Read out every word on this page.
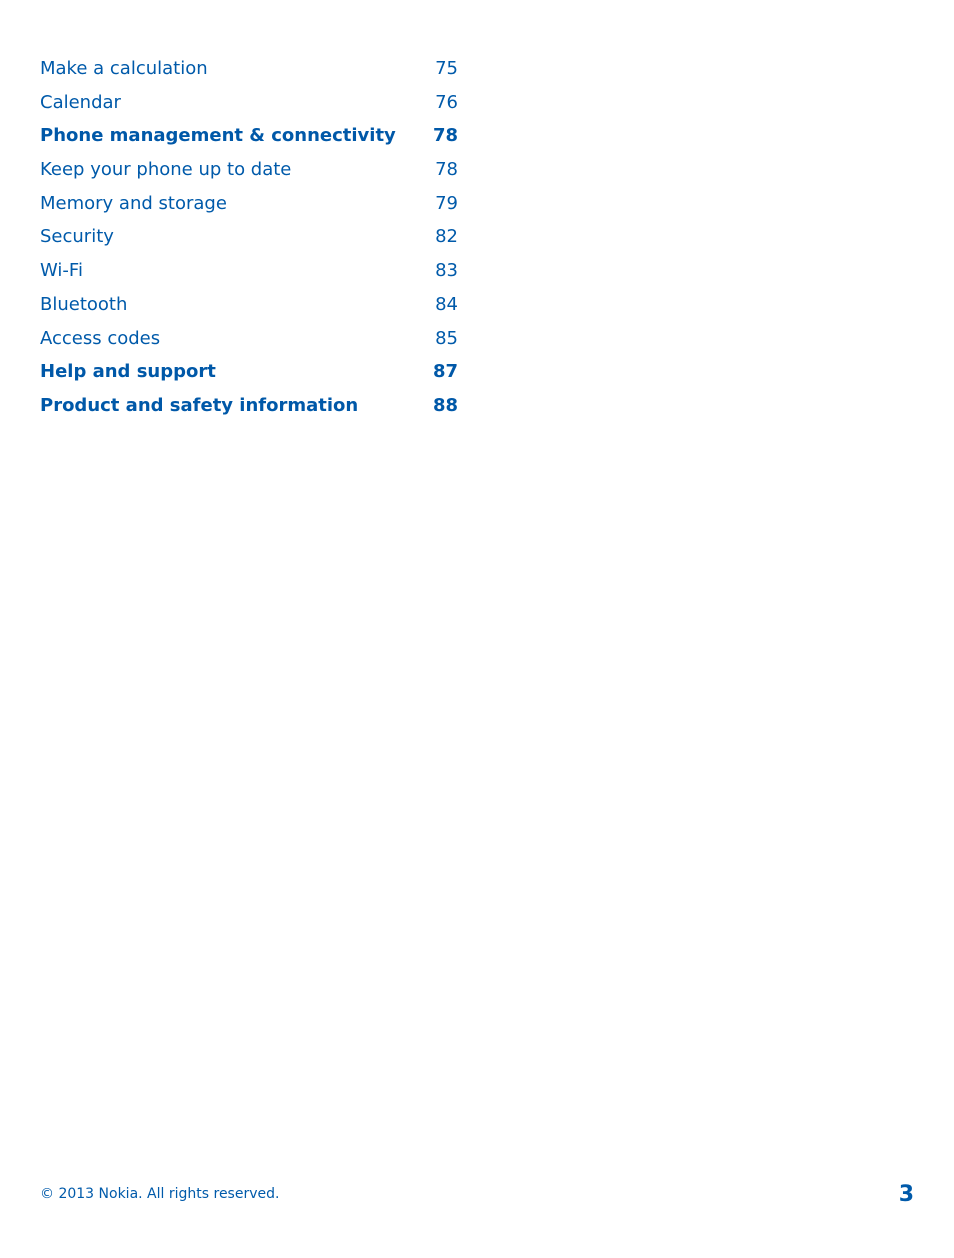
Make a calculation	75
Calendar	76
Phone management & connectivity 78
Keep your phone up to date	78
Memory and storage	79
Security	82
Wi-Fi	83
Bluetooth	84
Access codes	85
Help and support	87
Product and safety information	88
© 2013 Nokia. All rights reserved.	3
